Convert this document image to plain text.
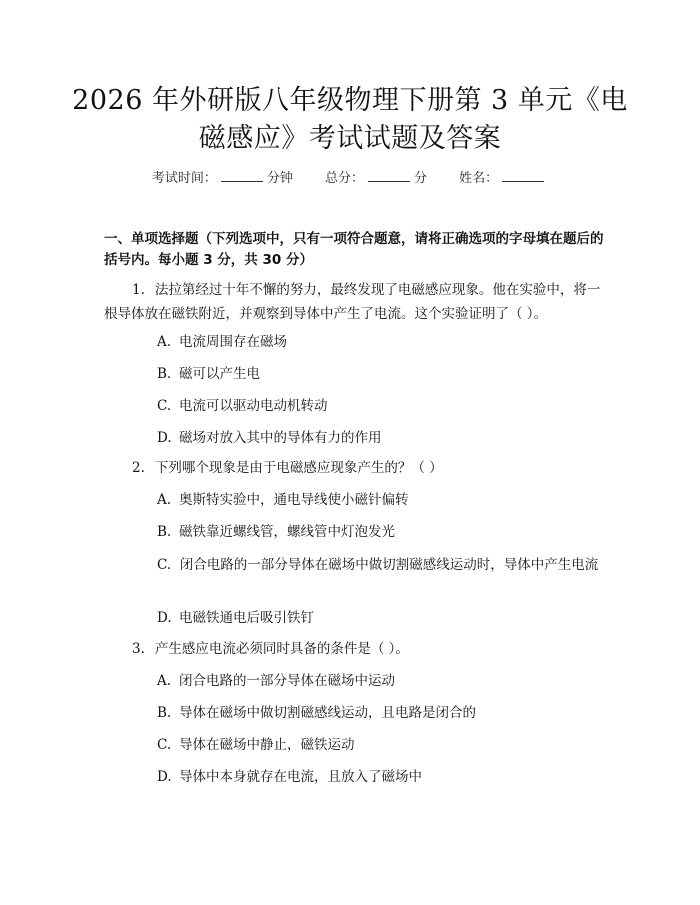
2026 年外研版八年级物理下册第 3 单元《电
磁感应》考试试题及答案
考试时间：	分钟 总分：	分 姓名：
一、单项选择题（下列选项中，只有一项符合题意，请将正确选项的字母填在题后的括号内。每小题 3 分，共 30 分）
1. 法拉第经过十年不懈的努力，最终发现了电磁感应现象。他在实验中，将一根导体放在磁铁附近，并观察到导体中产生了电流。这个实验证明了（ ）。
A. 电流周围存在磁场
B. 磁可以产生电
C. 电流可以驱动电动机转动
D. 磁场对放入其中的导体有力的作用
2. 下列哪个现象是由于电磁感应现象产生的？（ ）
A. 奥斯特实验中，通电导线使小磁针偏转
B. 磁铁靠近螺线管，螺线管中灯泡发光
C. 闭合电路的一部分导体在磁场中做切割磁感线运动时，导体中产生电流
D. 电磁铁通电后吸引铁钉
3. 产生感应电流必须同时具备的条件是（ ）。
A. 闭合电路的一部分导体在磁场中运动
B. 导体在磁场中做切割磁感线运动，且电路是闭合的
C. 导体在磁场中静止，磁铁运动
D. 导体中本身就存在电流，且放入了磁场中
